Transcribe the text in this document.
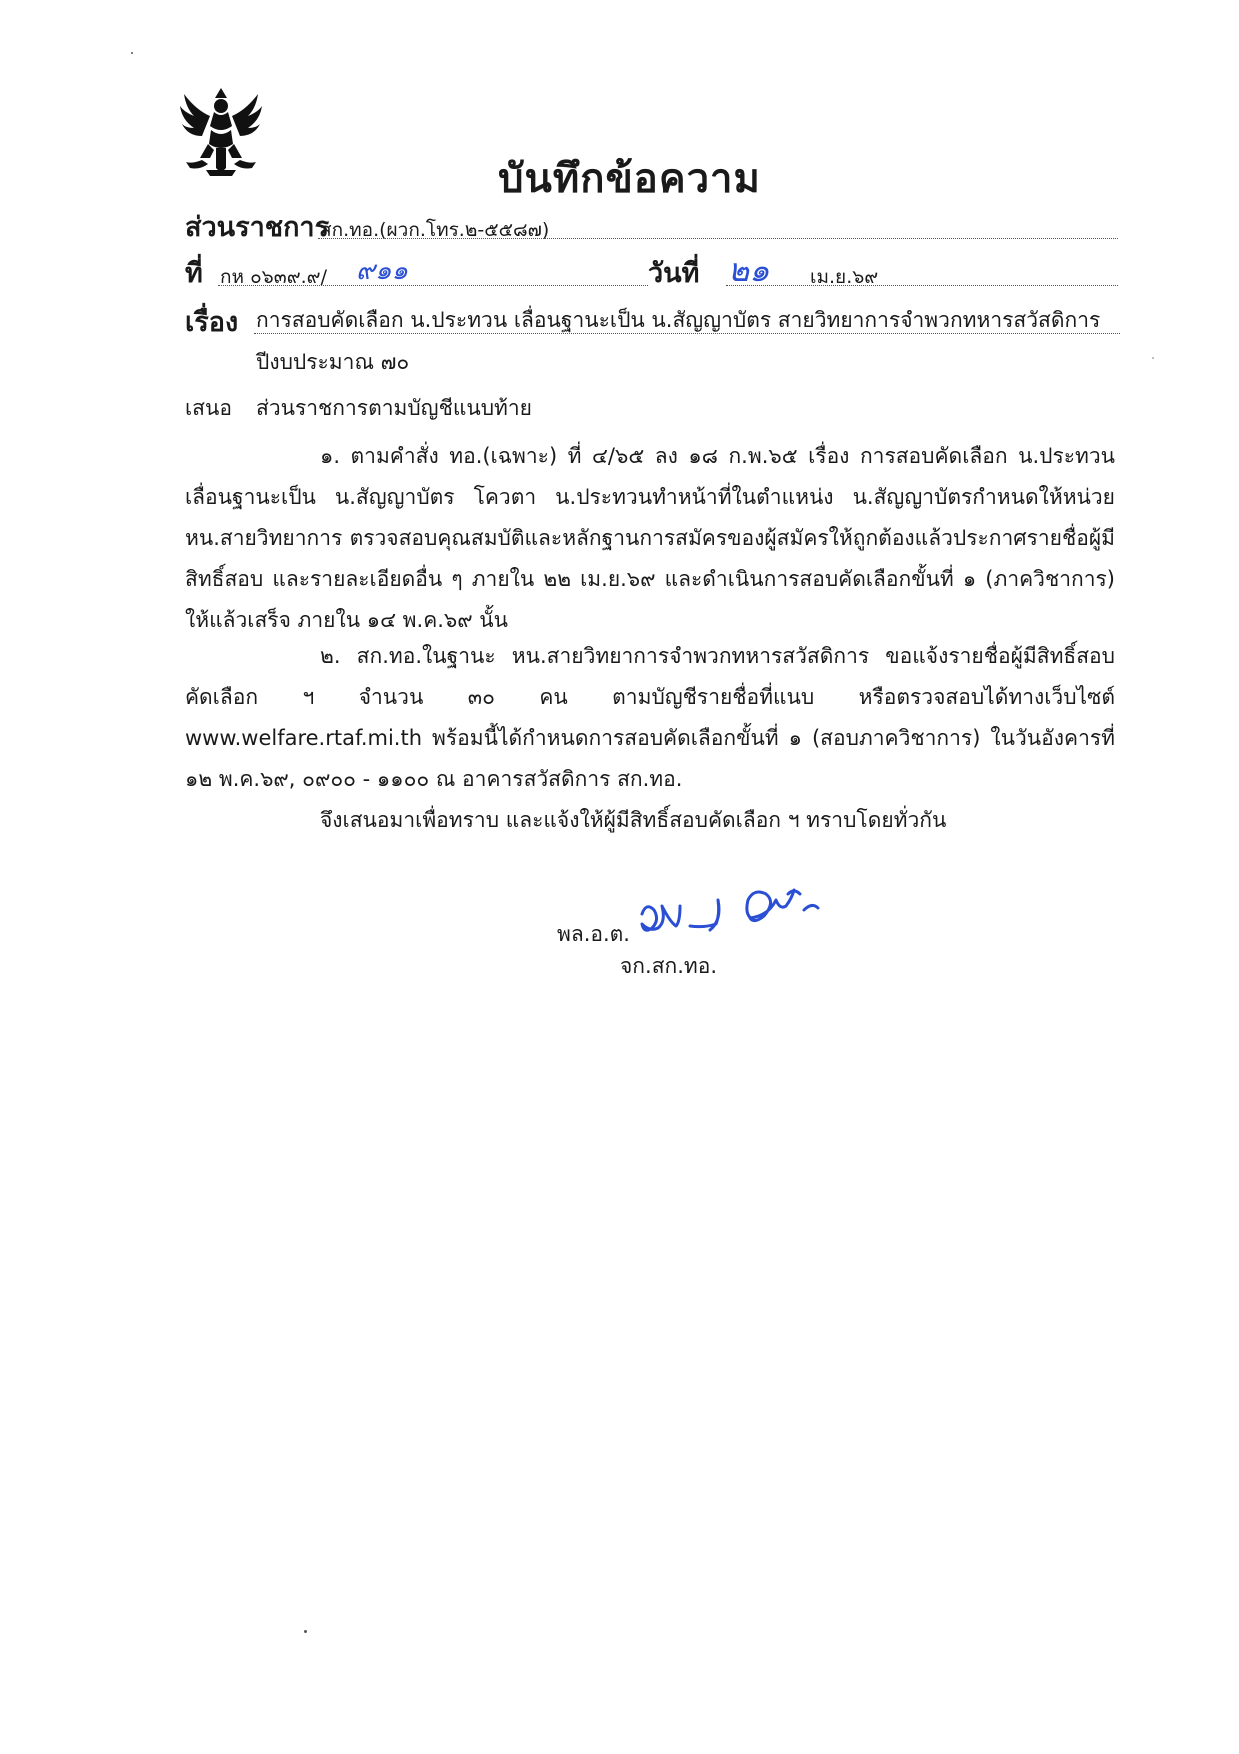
บันทึกข้อความ
ส่วนราชการ
สก.ทอ.(ผวก.โทร.๒-๕๕๘๗)
ที่ กห ๐๖๓๙.๙/ ๙๑๑	วันที่ ๒๑ เม.ย.๖๙
เรื่อง การสอบคัดเลือก น.ประทวน เลื่อนฐานะเป็น น.สัญญาบัตร สายวิทยาการจำพวกทหารสวัสดิการ
ปีงบประมาณ ๗๐
เสนอ ส่วนราชการตามบัญชีแนบท้าย
๑. ตามคำสั่ง ทอ.(เฉพาะ) ที่ ๔/๖๕ ลง ๑๘ ก.พ.๖๕ เรื่อง การสอบคัดเลือก น.ประทวน เลื่อนฐานะเป็น น.สัญญาบัตร โควตา น.ประทวนทำหน้าที่ในตำแหน่ง น.สัญญาบัตรกำหนดให้หน่วย หน.สายวิทยาการ ตรวจสอบคุณสมบัติและหลักฐานการสมัครของผู้สมัครให้ถูกต้องแล้วประกาศรายชื่อผู้มีสิทธิ์สอบ และรายละเอียดอื่น ๆ ภายใน ๒๒ เม.ย.๖๙ และดำเนินการสอบคัดเลือกขั้นที่ ๑ (ภาควิชาการ) ให้แล้วเสร็จ ภายใน ๑๔ พ.ค.๖๙ นั้น
๒. สก.ทอ.ในฐานะ หน.สายวิทยาการจำพวกทหารสวัสดิการ ขอแจ้งรายชื่อผู้มีสิทธิ์สอบ คัดเลือก ฯ จำนวน ๓๐ คน ตามบัญชีรายชื่อที่แนบ หรือตรวจสอบได้ทางเว็บไซต์ www.welfare.rtaf.mi.th พร้อมนี้ได้กำหนดการสอบคัดเลือกขั้นที่ ๑ (สอบภาควิชาการ) ในวันอังคารที่ ๑๒ พ.ค.๖๙, ๐๙๐๐ - ๑๑๐๐ ณ อาคารสวัสดิการ สก.ทอ.
จึงเสนอมาเพื่อทราบ และแจ้งให้ผู้มีสิทธิ์สอบคัดเลือก ฯ ทราบโดยทั่วกัน
พล.อ.ต.
จก.สก.ทอ.
